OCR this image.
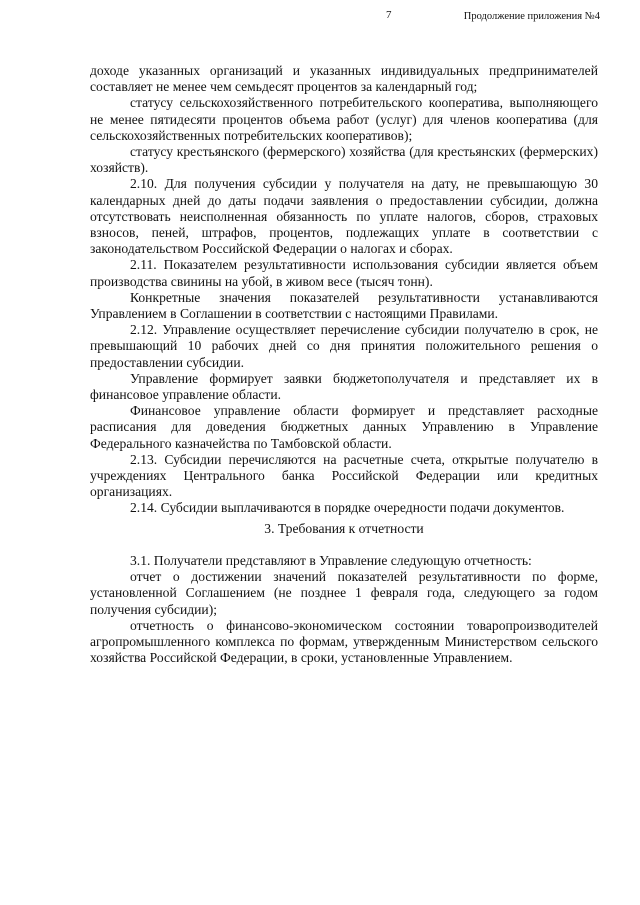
7	Продолжение приложения №4

доходе указанных организаций и указанных индивидуальных предпринимателей составляет не менее чем семьдесят процентов за календарный год;

статусу сельскохозяйственного потребительского кооператива, выполняющего не менее пятидесяти процентов объема работ (услуг) для членов кооператива (для сельскохозяйственных потребительских кооперативов);

статусу крестьянского (фермерского) хозяйства (для крестьянских (фермерских) хозяйств).

2.10. Для получения субсидии у получателя на дату, не превышающую 30 календарных дней до даты подачи заявления о предоставлении субсидии, должна отсутствовать неисполненная обязанность по уплате налогов, сборов, страховых взносов, пеней, штрафов, процентов, подлежащих уплате в соответствии с законодательством Российской Федерации о налогах и сборах.

2.11. Показателем результативности использования субсидии является объем производства свинины на убой, в живом весе (тысяч тонн).

Конкретные значения показателей результативности устанавливаются Управлением в Соглашении в соответствии с настоящими Правилами.

2.12. Управление осуществляет перечисление субсидии получателю в срок, не превышающий 10 рабочих дней со дня принятия положительного решения о предоставлении субсидии.

Управление формирует заявки бюджетополучателя и представляет их в финансовое управление области.

Финансовое управление области формирует и представляет расходные расписания для доведения бюджетных данных Управлению в Управление Федерального казначейства по Тамбовской области.

2.13. Субсидии перечисляются на расчетные счета, открытые получателю в учреждениях Центрального банка Российской Федерации или кредитных организациях.

2.14. Субсидии выплачиваются в порядке очередности подачи документов.

3. Требования к отчетности

3.1. Получатели представляют в Управление следующую отчетность:

отчет о достижении значений показателей результативности по форме, установленной Соглашением (не позднее 1 февраля года, следующего за годом получения субсидии);

отчетность о финансово-экономическом состоянии товаропроизводителей агропромышленного комплекса по формам, утвержденным Министерством сельского хозяйства Российской Федерации, в сроки, установленные Управлением.
